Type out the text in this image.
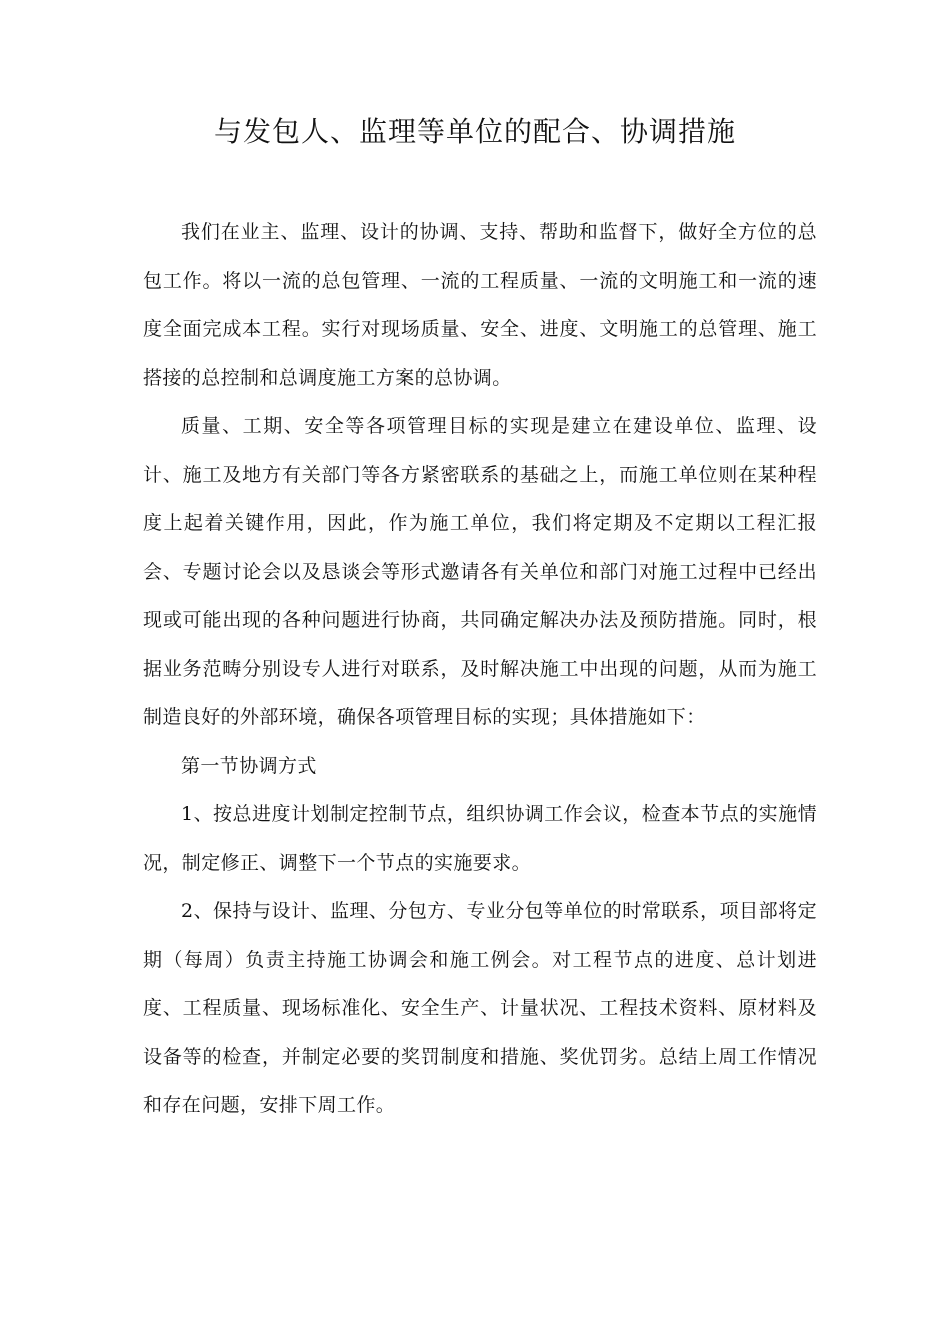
与发包人、监理等单位的配合、协调措施

我们在业主、监理、设计的协调、支持、帮助和监督下，做好全方位的总包工作。将以一流的总包管理、一流的工程质量、一流的文明施工和一流的速度全面完成本工程。实行对现场质量、安全、进度、文明施工的总管理、施工搭接的总控制和总调度施工方案的总协调。

质量、工期、安全等各项管理目标的实现是建立在建设单位、监理、设计、施工及地方有关部门等各方紧密联系的基础之上，而施工单位则在某种程度上起着关键作用，因此，作为施工单位，我们将定期及不定期以工程汇报会、专题讨论会以及恳谈会等形式邀请各有关单位和部门对施工过程中已经出现或可能出现的各种问题进行协商，共同确定解决办法及预防措施。同时，根据业务范畴分别设专人进行对联系，及时解决施工中出现的问题，从而为施工制造良好的外部环境，确保各项管理目标的实现；具体措施如下：

第一节协调方式

1、按总进度计划制定控制节点，组织协调工作会议，检查本节点的实施情况，制定修正、调整下一个节点的实施要求。

2、保持与设计、监理、分包方、专业分包等单位的时常联系，项目部将定期（每周）负责主持施工协调会和施工例会。对工程节点的进度、总计划进度、工程质量、现场标准化、安全生产、计量状况、工程技术资料、原材料及设备等的检查，并制定必要的奖罚制度和措施、奖优罚劣。总结上周工作情况和存在问题，安排下周工作。
